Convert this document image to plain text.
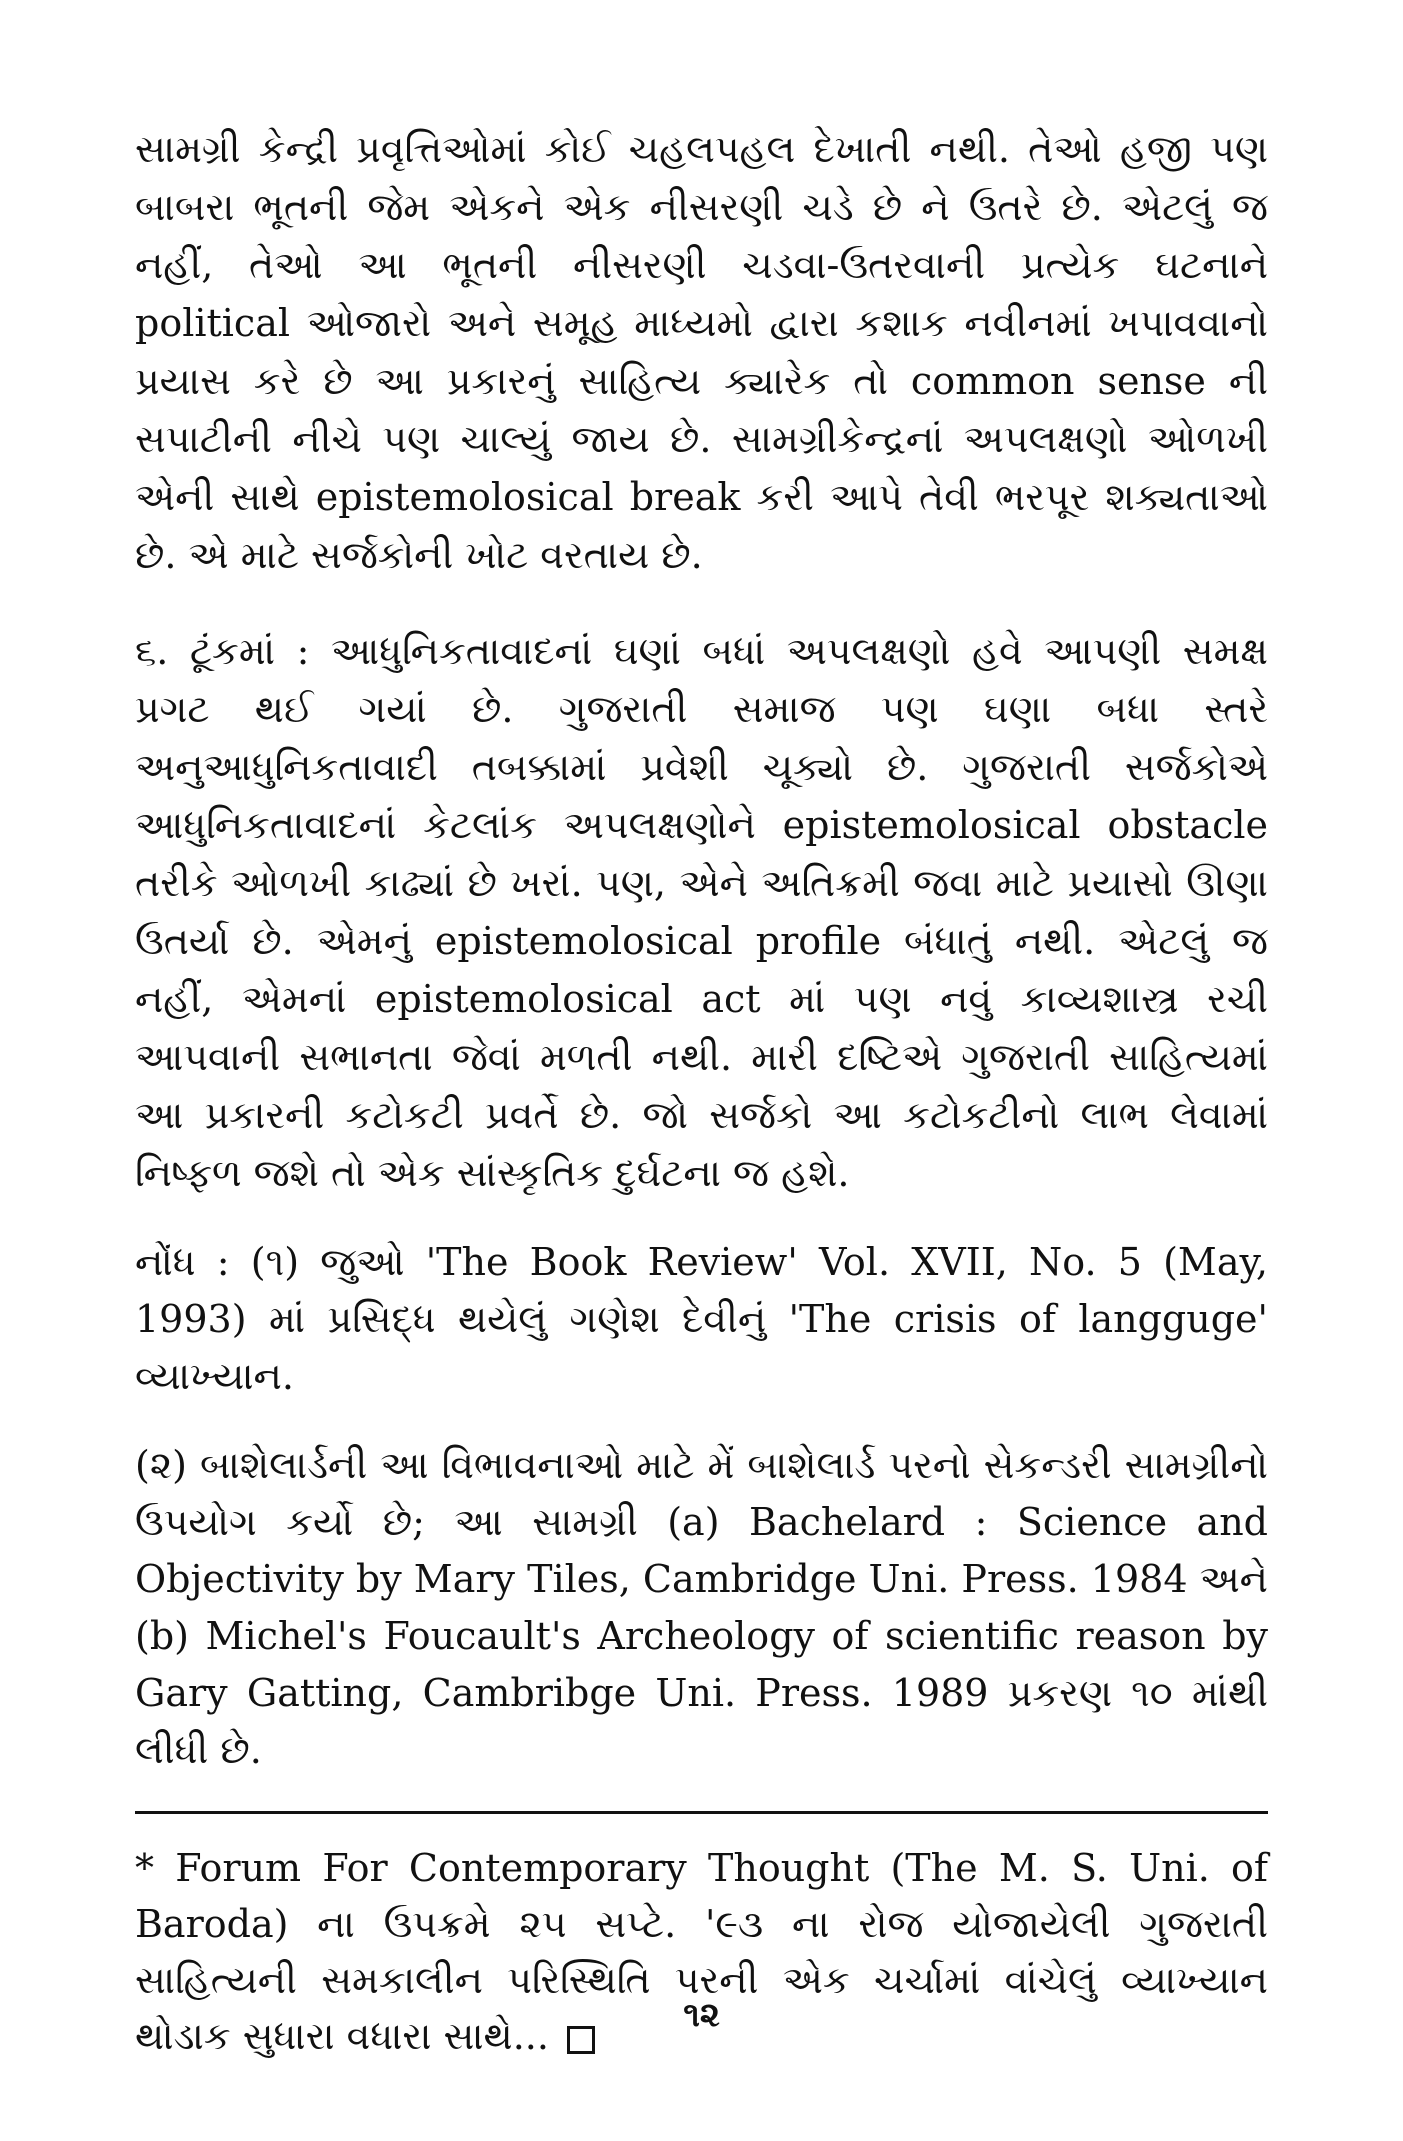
સામગ્રી કેન્દ્રી પ્રવૃત્તિઓમાં કોઈ ચહલપહલ દેખાતી નથી. તેઓ હજી પણ બાબરા ભૂતની જેમ એકને એક નીસરણી ચડે છે ને ઉતરે છે. એટલું જ નહીં, તેઓ આ ભૂતની નીસરણી ચડવા-ઉતરવાની પ્રત્યેક ઘટનાને political ઓજારો અને સમૂહ માધ્યમો દ્વારા કશાક નવીનમાં ખપાવવાનો પ્રયાસ કરે છે આ પ્રકારનું સાહિત્ય ક્યારેક તો common sense ની સપાટીની નીચે પણ ચાલ્યું જાય છે. સામગ્રીકેન્દ્રનાં અપલક્ષણો ઓળખી એની સાથે epistemolosical break કરી આપે તેવી ભરપૂર શક્યતાઓ છે. એ માટે સર્જકોની ખોટ વરતાય છે.

૬. ટૂંકમાં : આધુનિકતાવાદનાં ઘણાં બધાં અપલક્ષણો હવે આપણી સમક્ષ પ્રગટ થઈ ગયાં છે. ગુજરાતી સમાજ પણ ઘણા બધા સ્તરે અનુઆધુનિકતાવાદી તબક્કામાં પ્રવેશી ચૂક્યો છે. ગુજરાતી સર્જકોએ આધુનિકતાવાદનાં કેટલાંક અપલક્ષણોને epistemolosical obstacle તરીકે ઓળખી કાઢ્યાં છે ખરાં. પણ, એને અતિક્રમી જવા માટે પ્રયાસો ઊણા ઉતર્યા છે. એમનું epistemolosical profile બંધાતું નથી. એટલું જ નહીં, એમનાં epistemolosical act માં પણ નવું કાવ્યશાસ્ત્ર રચી આપવાની સભાનતા જેવાં મળતી નથી. મારી દષ્ટિએ ગુજરાતી સાહિત્યમાં આ પ્રકારની કટોકટી પ્રવર્તે છે. જો સર્જકો આ કટોકટીનો લાભ લેવામાં નિષ્ફળ જશે તો એક સાંસ્કૃતિક દુર્ઘટના જ હશે.

નોંધ : (૧) જુઓ 'The Book Review' Vol. XVII, No. 5 (May, 1993) માં પ્રસિદ્ધ થયેલું ગણેશ દેવીનું 'The crisis of langguge' વ્યાખ્યાન.

(૨) બાશેલાર્ડની આ વિભાવનાઓ માટે મેં બાશેલાર્ડ પરનો સેકન્ડરી સામગ્રીનો ઉપયોગ કર્યો છે; આ સામગ્રી (a) Bachelard : Science and Objectivity by Mary Tiles, Cambridge Uni. Press. 1984 અને (b) Michel's Foucault's Archeology of scientific reason by Gary Gatting, Cambribge Uni. Press. 1989 પ્રકરણ ૧૦ માંથી લીધી છે.

* Forum For Contemporary Thought (The M. S. Uni. of Baroda) ના ઉપક્રમે ૨૫ સપ્ટે. '૯૩ ના રોજ યોજાયેલી ગુજરાતી સાહિત્યની સમકાલીન પરિસ્થિતિ પરની એક ચર્ચામાં વાંચેલું વ્યાખ્યાન થોડાક સુધારા વધારા સાથે...	૧૨
